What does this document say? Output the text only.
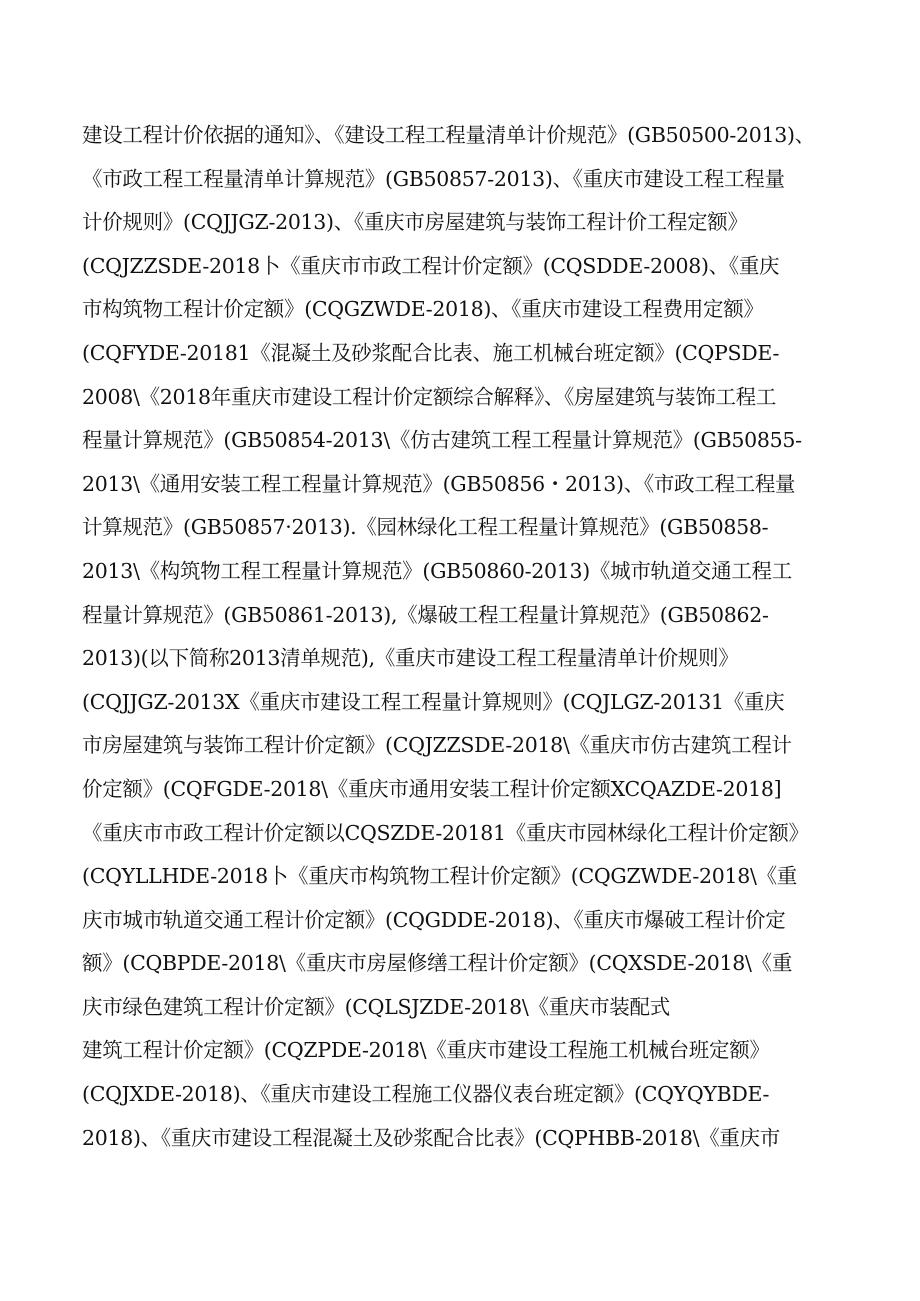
建设工程计价依据的通知》、《建设工程工程量清单计价规范》(GB50500-2013)、
《市政工程工程量清单计算规范》(GB50857-2013)、《重庆市建设工程工程量
计价规则》(CQJJGZ-2013)、《重庆市房屋建筑与装饰工程计价工程定额》
(CQJZZSDE-2018卜《重庆市市政工程计价定额》(CQSDDE-2008)、《重庆
市构筑物工程计价定额》(CQGZWDE-2018)、《重庆市建设工程费用定额》
(CQFYDE-20181《混凝土及砂浆配合比表、施工机械台班定额》(CQPSDE-
2008\《2018年重庆市建设工程计价定额综合解释》、《房屋建筑与装饰工程工
程量计算规范》(GB50854-2013\《仿古建筑工程工程量计算规范》(GB50855-
2013\《通用安装工程工程量计算规范》(GB50856・2013)、《市政工程工程量
计算规范》(GB50857·2013).《园林绿化工程工程量计算规范》(GB50858-
2013\《构筑物工程工程量计算规范》(GB50860-2013)《城市轨道交通工程工
程量计算规范》(GB50861-2013),《爆破工程工程量计算规范》(GB50862-
2013)(以下简称2013清单规范),《重庆市建设工程工程量清单计价规则》
(CQJJGZ-2013X《重庆市建设工程工程量计算规则》(CQJLGZ-20131《重庆
市房屋建筑与装饰工程计价定额》(CQJZZSDE-2018\《重庆市仿古建筑工程计
价定额》(CQFGDE-2018\《重庆市通用安装工程计价定额XCQAZDE-2018]
《重庆市市政工程计价定额以CQSZDE-20181《重庆市园林绿化工程计价定额》
(CQYLLHDE-2018卜《重庆市构筑物工程计价定额》(CQGZWDE-2018\《重
庆市城市轨道交通工程计价定额》(CQGDDE-2018)、《重庆市爆破工程计价定
额》(CQBPDE-2018\《重庆市房屋修缮工程计价定额》(CQXSDE-2018\《重
庆市绿色建筑工程计价定额》(CQLSJZDE-2018\《重庆市装配式
建筑工程计价定额》(CQZPDE-2018\《重庆市建设工程施工机械台班定额》
(CQJXDE-2018)、《重庆市建设工程施工仪器仪表台班定额》(CQYQYBDE-
2018)、《重庆市建设工程混凝土及砂浆配合比表》(CQPHBB-2018\《重庆市
